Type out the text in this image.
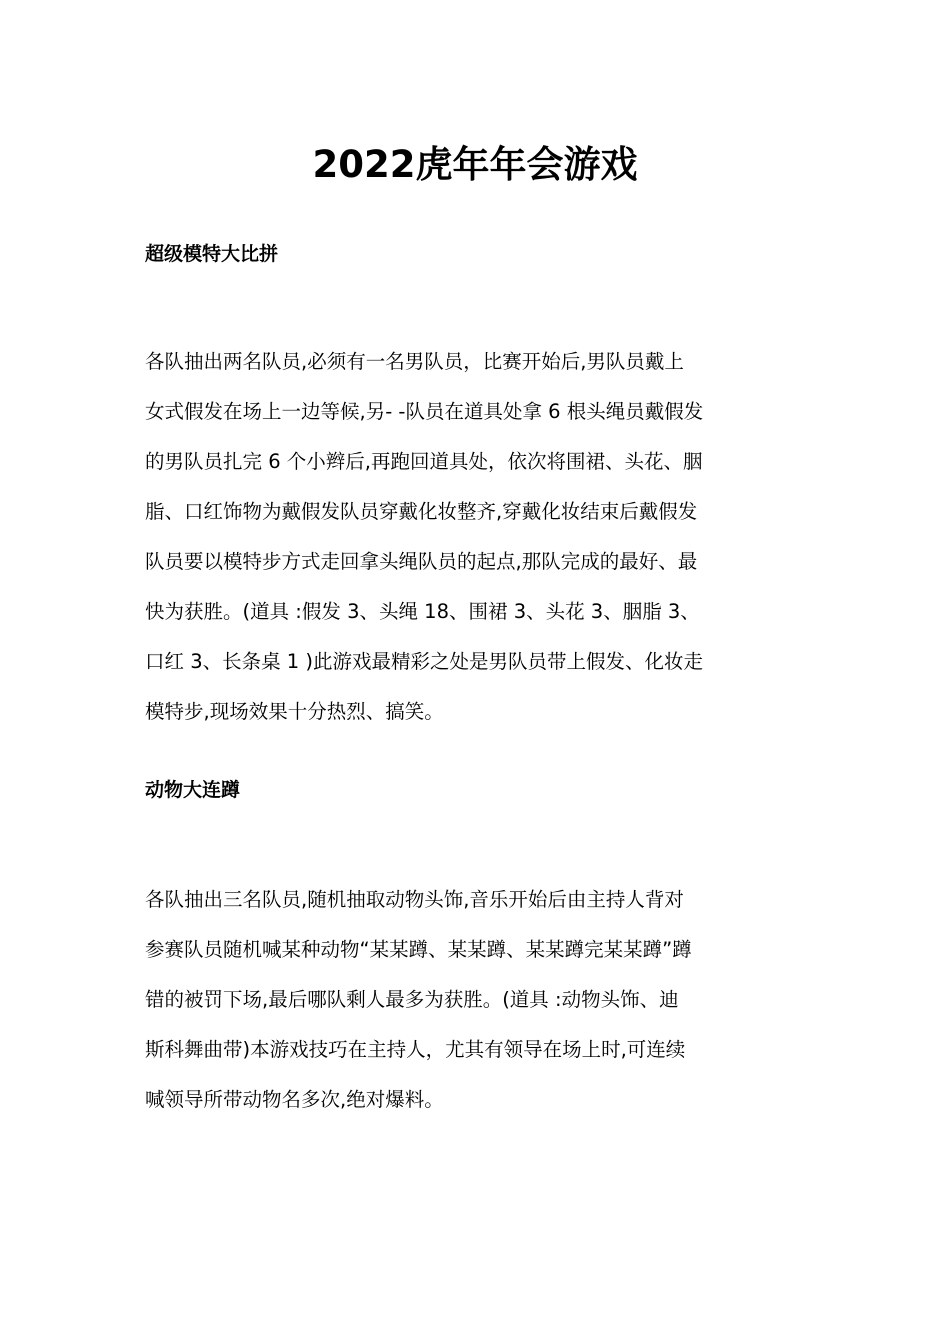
2022虎年年会游戏
超级模特大比拼

各队抽出两名队员,必须有一名男队员，比赛开始后,男队员戴上

女式假发在场上一边等候,另- -队员在道具处拿 6 根头绳员戴假发

的男队员扎完 6 个小辫后,再跑回道具处，依次将围裙、头花、胭

脂、口红饰物为戴假发队员穿戴化妆整齐,穿戴化妆结束后戴假发

队员要以模特步方式走回拿头绳队员的起点,那队完成的最好、最

快为获胜。(道具 :假发 3、头绳 18、围裙 3、头花 3、胭脂 3、

口红 3、长条桌 1 )此游戏最精彩之处是男队员带上假发、化妆走

模特步,现场效果十分热烈、搞笑。

动物大连蹲

各队抽出三名队员,随机抽取动物头饰,音乐开始后由主持人背对

参赛队员随机喊某种动物“某某蹲、某某蹲、某某蹲完某某蹲”蹲

错的被罚下场,最后哪队剩人最多为获胜。(道具 :动物头饰、迪

斯科舞曲带)本游戏技巧在主持人，尤其有领导在场上时,可连续

喊领导所带动物名多次,绝对爆料。
